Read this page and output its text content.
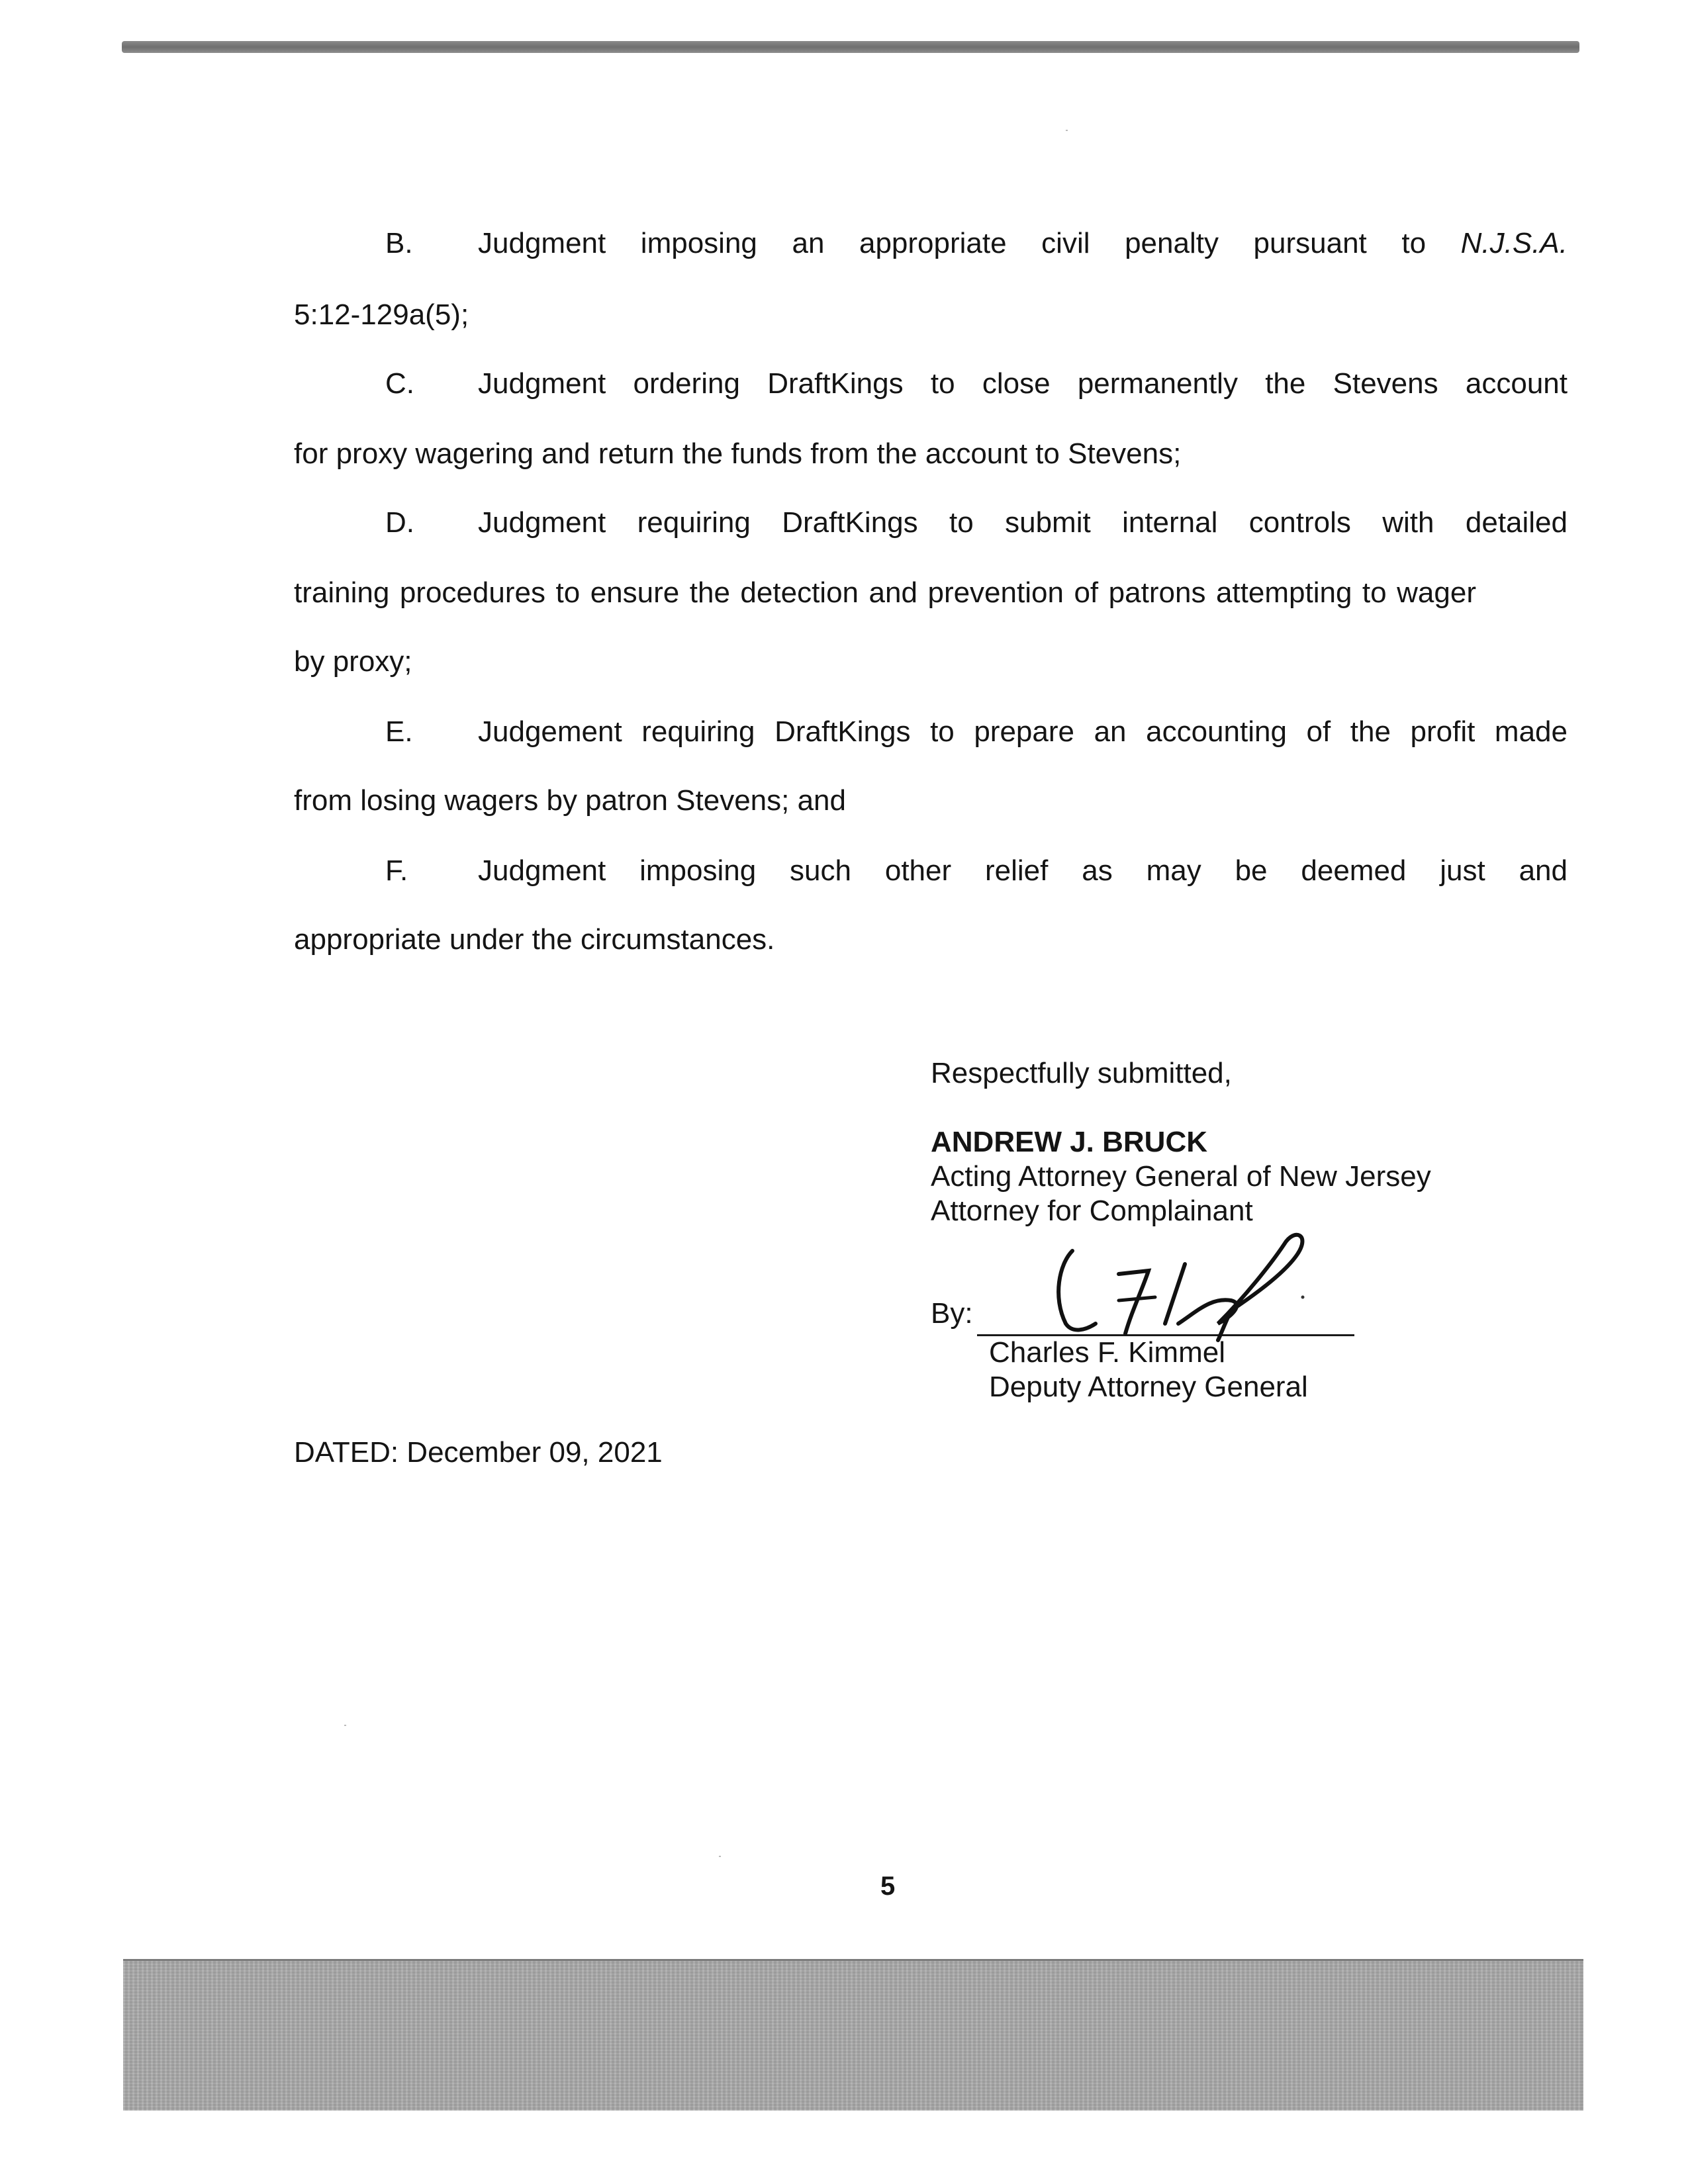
B. Judgment imposing an appropriate civil penalty pursuant to N.J.S.A.
5:12-129a(5);
C. Judgment ordering DraftKings to close permanently the Stevens account
for proxy wagering and return the funds from the account to Stevens;
D. Judgment requiring DraftKings to submit internal controls with detailed
training procedures to ensure the detection and prevention of patrons attempting to wager
by proxy;
E. Judgement requiring DraftKings to prepare an accounting of the profit made
from losing wagers by patron Stevens; and
F. Judgment imposing such other relief as may be deemed just and
appropriate under the circumstances.
Respectfully submitted,
ANDREW J. BRUCK
Acting Attorney General of New Jersey
Attorney for Complainant
By:
Charles F. Kimmel
Deputy Attorney General
DATED: December 09, 2021
5
